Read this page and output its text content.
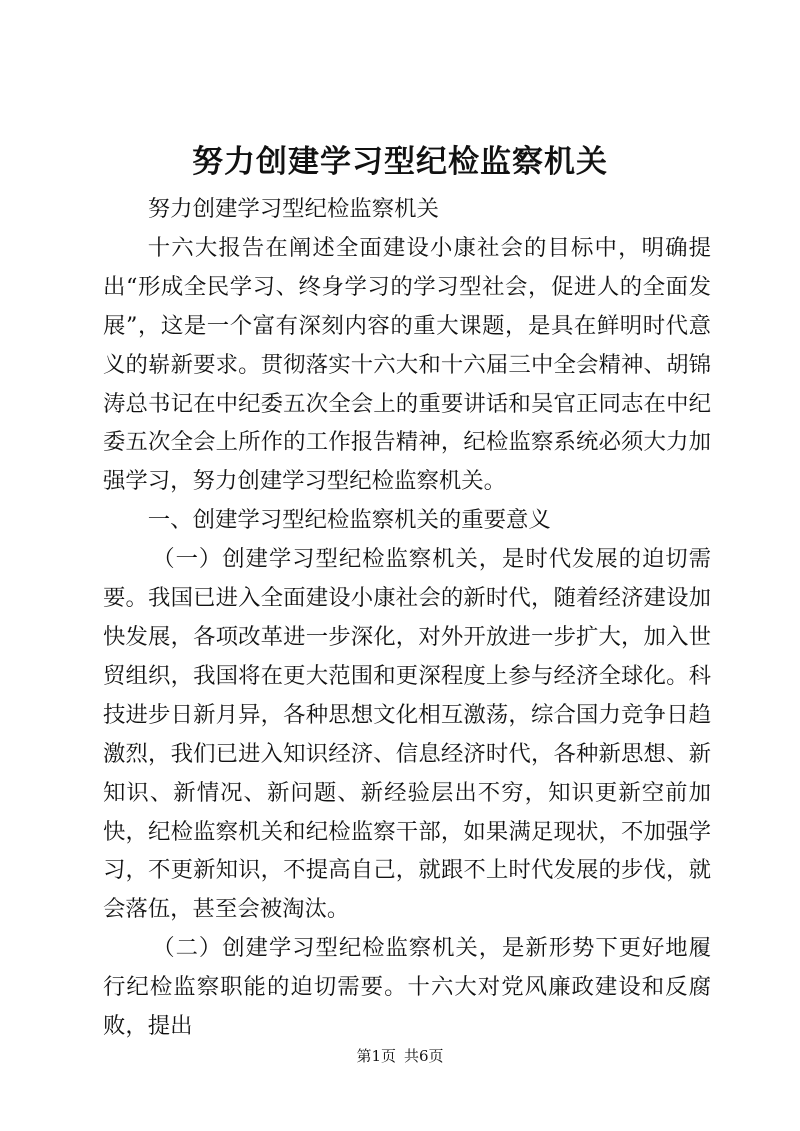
努力创建学习型纪检监察机关

努力创建学习型纪检监察机关

十六大报告在阐述全面建设小康社会的目标中，明确提出“形成全民学习、终身学习的学习型社会，促进人的全面发展”，这是一个富有深刻内容的重大课题，是具在鲜明时代意义的崭新要求。贯彻落实十六大和十六届三中全会精神、胡锦涛总书记在中纪委五次全会上的重要讲话和吴官正同志在中纪委五次全会上所作的工作报告精神，纪检监察系统必须大力加强学习，努力创建学习型纪检监察机关。

一、创建学习型纪检监察机关的重要意义

（一）创建学习型纪检监察机关，是时代发展的迫切需要。我国已进入全面建设小康社会的新时代，随着经济建设加快发展，各项改革进一步深化，对外开放进一步扩大，加入世贸组织，我国将在更大范围和更深程度上参与经济全球化。科技进步日新月异，各种思想文化相互激荡，综合国力竞争日趋激烈，我们已进入知识经济、信息经济时代，各种新思想、新知识、新情况、新问题、新经验层出不穷，知识更新空前加快，纪检监察机关和纪检监察干部，如果满足现状，不加强学习，不更新知识，不提高自己，就跟不上时代发展的步伐，就会落伍，甚至会被淘汰。

（二）创建学习型纪检监察机关，是新形势下更好地履行纪检监察职能的迫切需要。十六大对党风廉政建设和反腐败，提出

第1页 共6页
